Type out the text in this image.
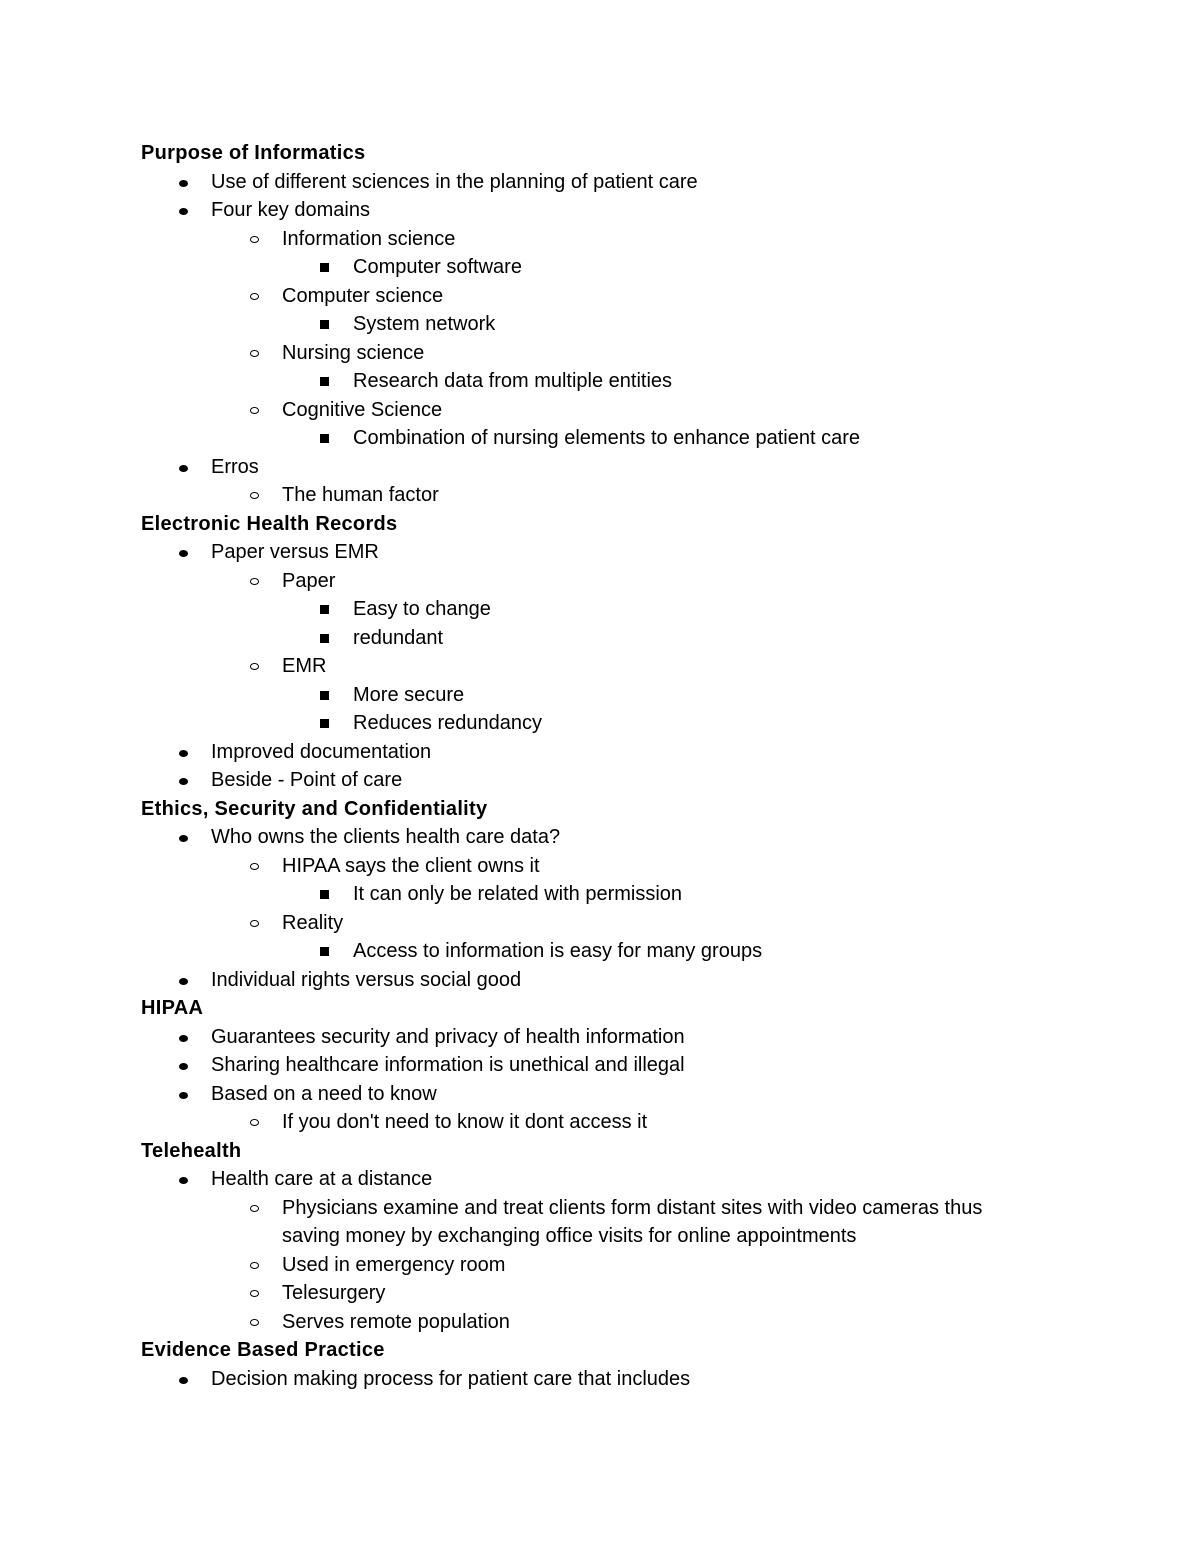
Purpose of Informatics
Use of different sciences in the planning of patient care
Four key domains
Information science
Computer software
Computer science
System network
Nursing science
Research data from multiple entities
Cognitive Science
Combination of nursing elements to enhance patient care
Erros
The human factor
Electronic Health Records
Paper versus EMR
Paper
Easy to change
redundant
EMR
More secure
Reduces redundancy
Improved documentation
Beside - Point of care
Ethics, Security and Confidentiality
Who owns the clients health care data?
HIPAA says the client owns it
It can only be related with permission
Reality
Access to information is easy for many groups
Individual rights versus social good
HIPAA
Guarantees security and privacy of health information
Sharing healthcare information is unethical and illegal
Based on a need to know
If you don't need to know it dont access it
Telehealth
Health care at a distance
Physicians examine and treat clients form distant sites with video cameras thus
saving money by exchanging office visits for online appointments
Used in emergency room
Telesurgery
Serves remote population
Evidence Based Practice
Decision making process for patient care that includes
